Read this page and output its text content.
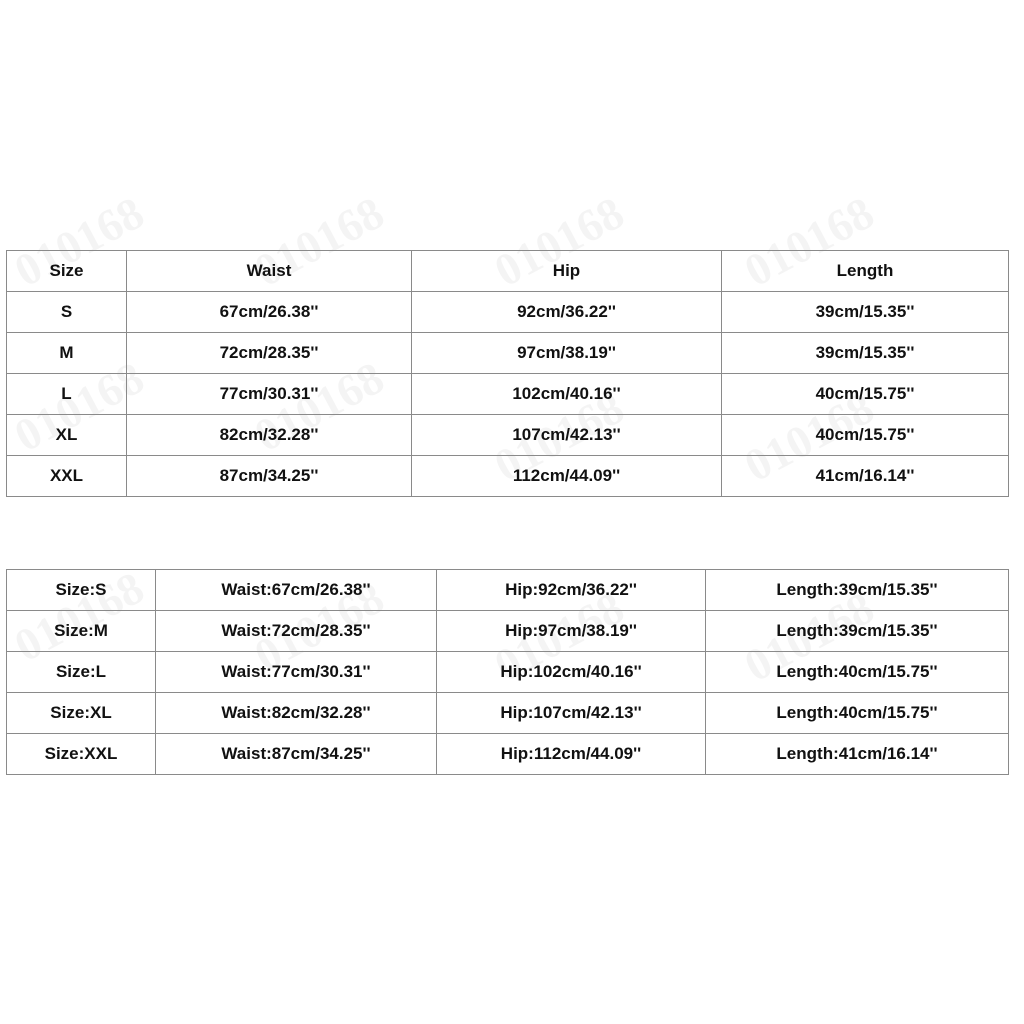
Size	Waist	Hip	Length
S	67cm/26.38''	92cm/36.22''	39cm/15.35''
M	72cm/28.35''	97cm/38.19''	39cm/15.35''
L	77cm/30.31''	102cm/40.16''	40cm/15.75''
XL	82cm/32.28''	107cm/42.13''	40cm/15.75''
XXL	87cm/34.25''	112cm/44.09''	41cm/16.14''
Size:S	Waist:67cm/26.38''	Hip:92cm/36.22''	Length:39cm/15.35''
Size:M	Waist:72cm/28.35''	Hip:97cm/38.19''	Length:39cm/15.35''
Size:L	Waist:77cm/30.31''	Hip:102cm/40.16''	Length:40cm/15.75''
Size:XL	Waist:82cm/32.28''	Hip:107cm/42.13''	Length:40cm/15.75''
Size:XXL	Waist:87cm/34.25''	Hip:112cm/44.09''	Length:41cm/16.14''
